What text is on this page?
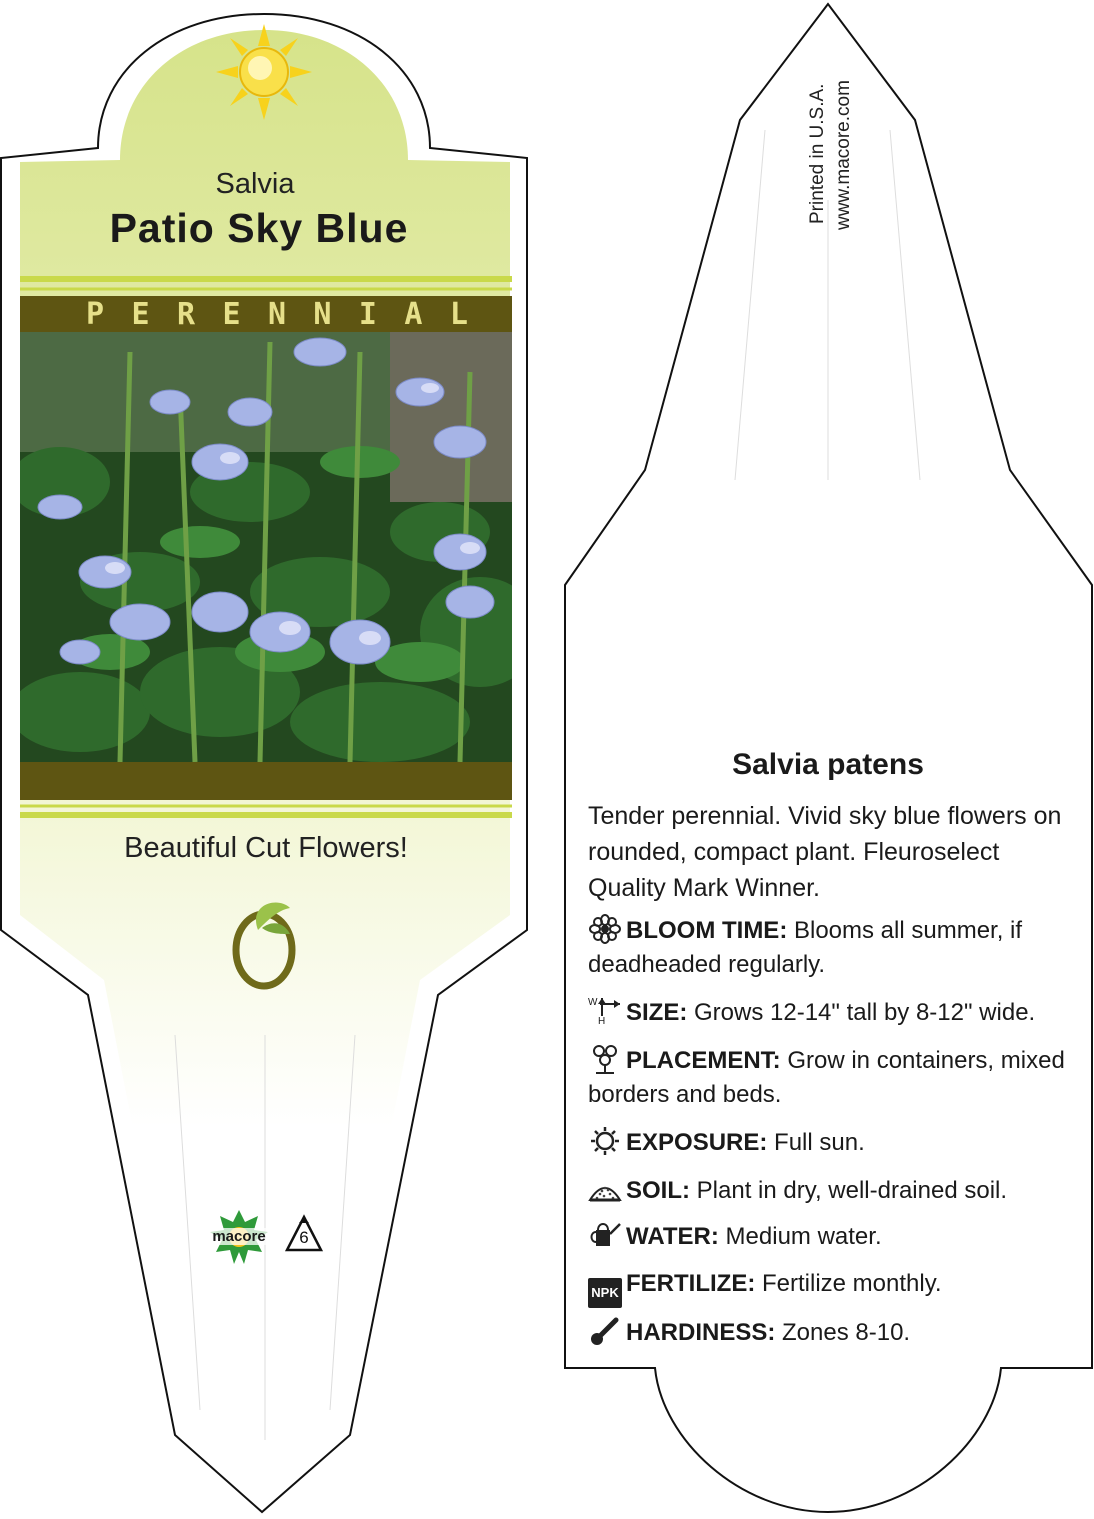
Salvia
Patio Sky Blue
P E R E N N I A L
Beautiful Cut Flowers!
macore	6
Printed in U.S.A. www.macore.com
Salvia patens
Tender perennial. Vivid sky blue flowers on rounded, compact plant. Fleuroselect Quality Mark Winner.
BLOOM TIME: Blooms all summer, if deadheaded regularly.
W
H SIZE: Grows 12-14" tall by 8-12" wide.
PLACEMENT: Grow in containers, mixed borders and beds.
EXPOSURE: Full sun.
SOIL: Plant in dry, well-drained soil.
WATER: Medium water.
NPK FERTILIZE: Fertilize monthly.
HARDINESS: Zones 8-10.
